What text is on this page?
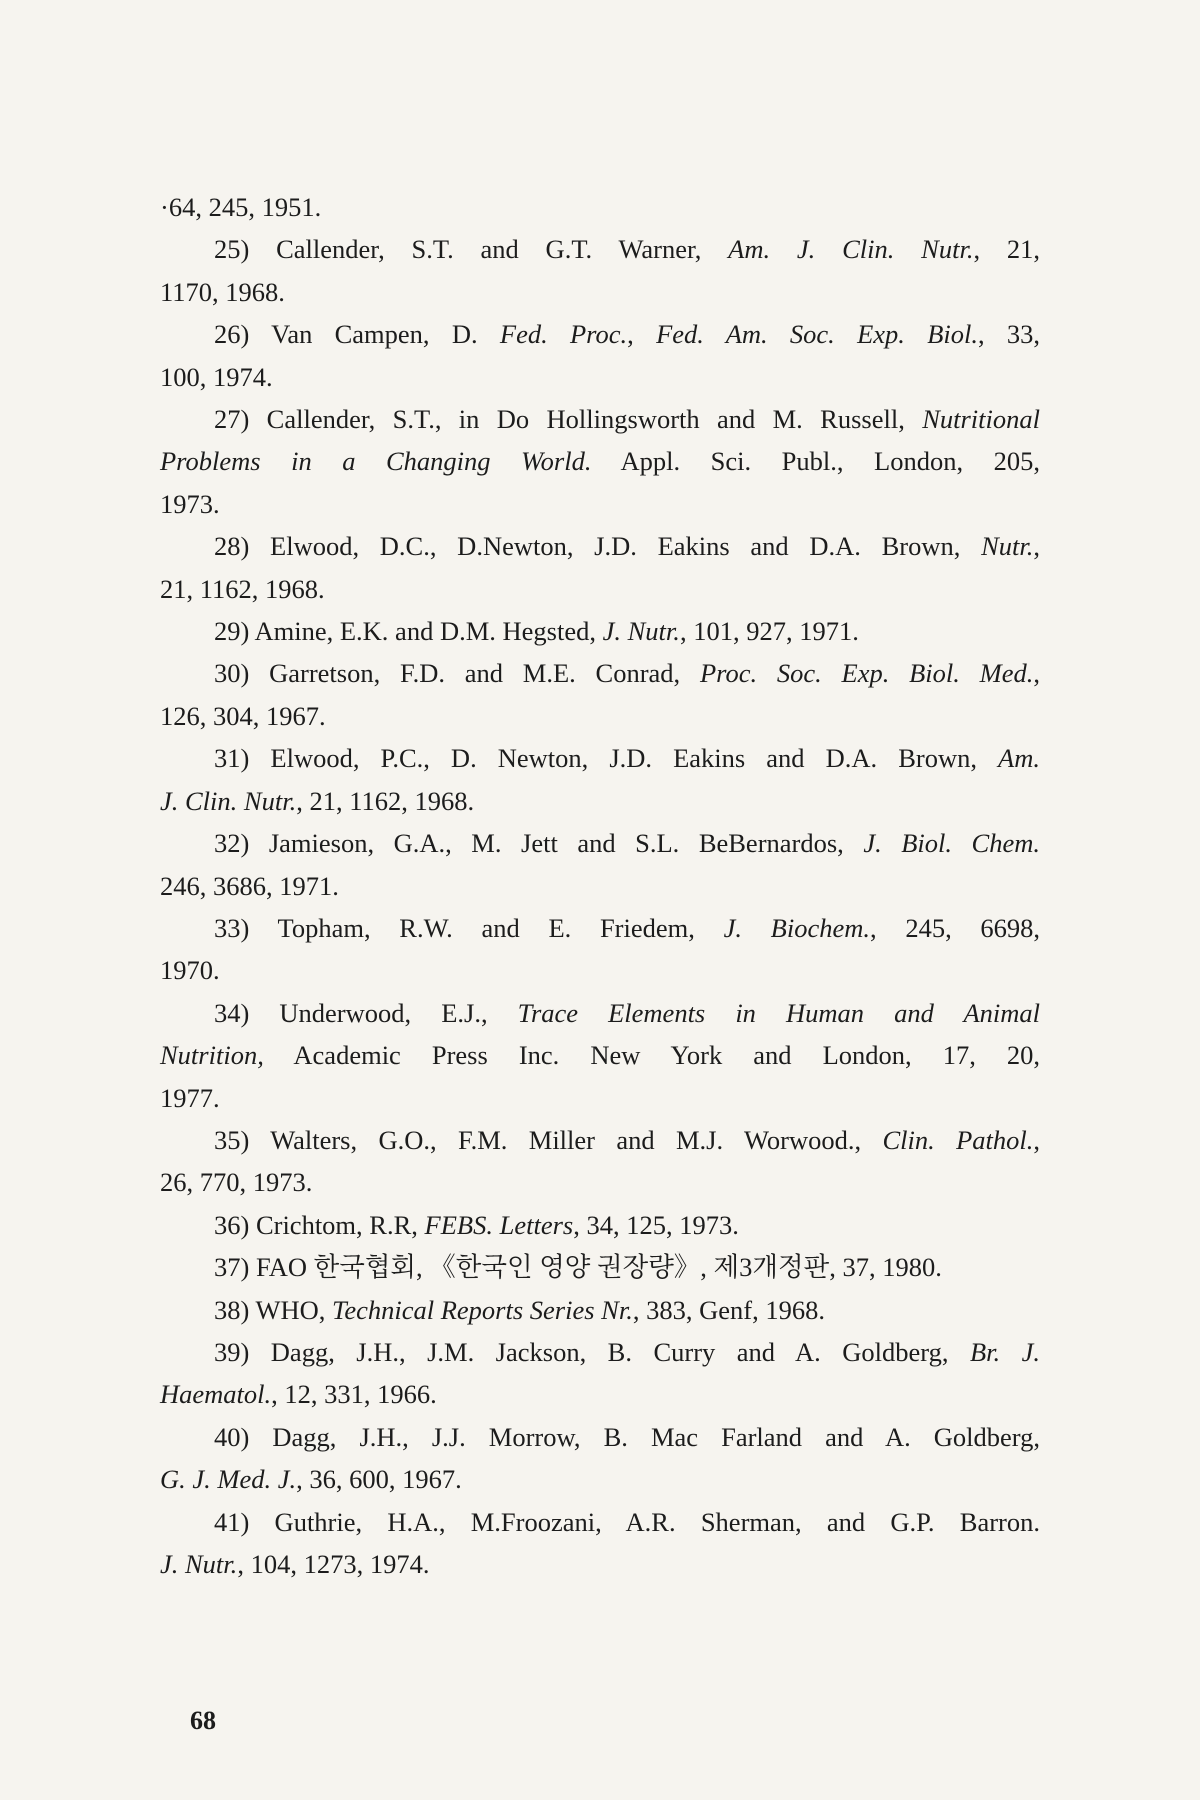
·64, 245, 1951.
25) Callender, S.T. and G.T. Warner, Am. J. Clin. Nutr., 21,
1170, 1968.
26) Van Campen, D. Fed. Proc., Fed. Am. Soc. Exp. Biol., 33,
100, 1974.
27) Callender, S.T., in Do Hollingsworth and M. Russell, Nutritional
Problems in a Changing World. Appl. Sci. Publ., London, 205,
1973.
28) Elwood, D.C., D.Newton, J.D. Eakins and D.A. Brown, Nutr.,
21, 1162, 1968.
29) Amine, E.K. and D.M. Hegsted, J. Nutr., 101, 927, 1971.
30) Garretson, F.D. and M.E. Conrad, Proc. Soc. Exp. Biol. Med.,
126, 304, 1967.
31) Elwood, P.C., D. Newton, J.D. Eakins and D.A. Brown, Am.
J. Clin. Nutr., 21, 1162, 1968.
32) Jamieson, G.A., M. Jett and S.L. BeBernardos, J. Biol. Chem.
246, 3686, 1971.
33) Topham, R.W. and E. Friedem, J. Biochem., 245, 6698,
1970.
34) Underwood, E.J., Trace Elements in Human and Animal
Nutrition, Academic Press Inc. New York and London, 17, 20,
1977.
35) Walters, G.O., F.M. Miller and M.J. Worwood., Clin. Pathol.,
26, 770, 1973.
36) Crichtom, R.R, FEBS. Letters, 34, 125, 1973.
37) FAO 한국협회, 《한국인 영양 권장량》, 제3개정판, 37, 1980.
38) WHO, Technical Reports Series Nr., 383, Genf, 1968.
39) Dagg, J.H., J.M. Jackson, B. Curry and A. Goldberg, Br. J.
Haematol., 12, 331, 1966.
40) Dagg, J.H., J.J. Morrow, B. Mac Farland and A. Goldberg,
G. J. Med. J., 36, 600, 1967.
41) Guthrie, H.A., M.Froozani, A.R. Sherman, and G.P. Barron.
J. Nutr., 104, 1273, 1974.
68
